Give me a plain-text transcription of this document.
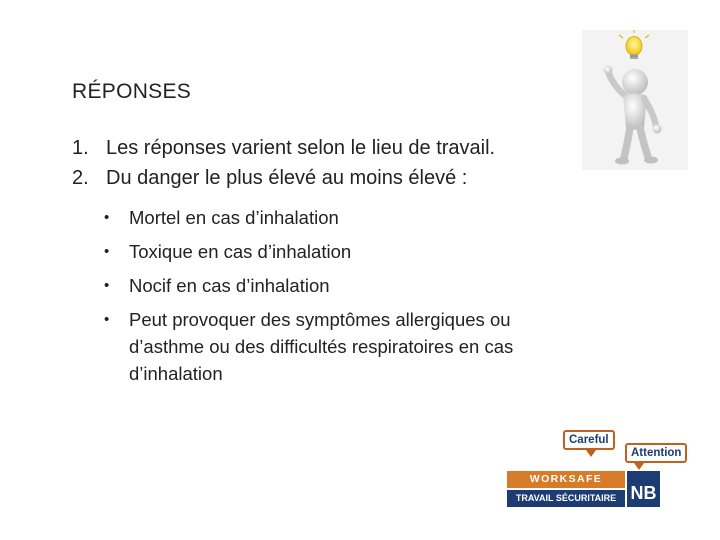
RÉPONSES
1. Les réponses varient selon le lieu de travail.
2. Du danger le plus élevé au moins élevé :
•	Mortel en cas d’inhalation
•	Toxique en cas d’inhalation
•	Nocif en cas d’inhalation
•	Peut provoquer des symptômes allergiques ou d’asthme ou des difficultés respiratoires en cas d’inhalation
Careful
Attention
WORKSAFE
TRAVAIL SÉCURITAIRE NB
